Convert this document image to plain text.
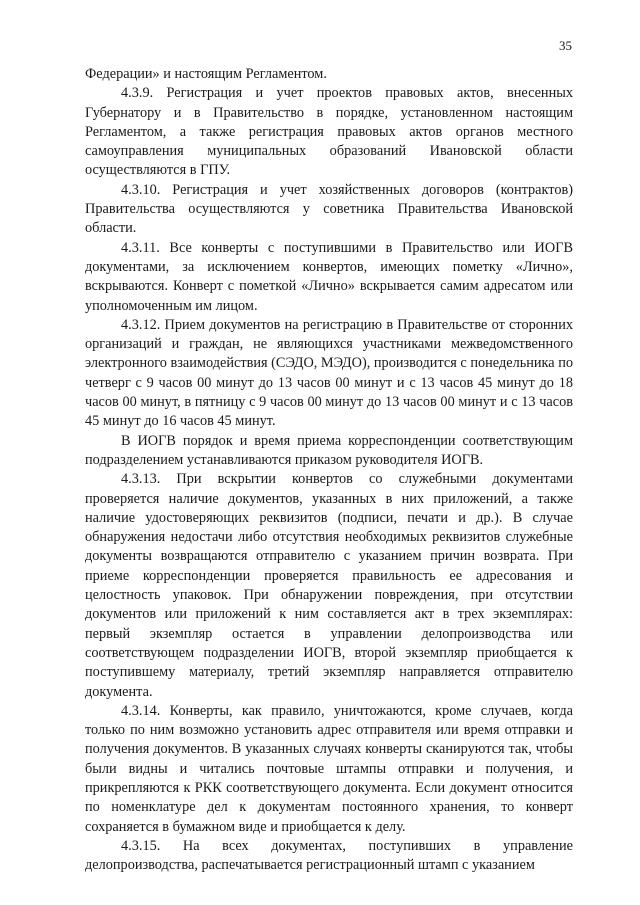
35

Федерации» и настоящим Регламентом.

4.3.9. Регистрация и учет проектов правовых актов, внесенных Губернатору и в Правительство в порядке, установленном настоящим Регламентом, а также регистрация правовых актов органов местного самоуправления муниципальных образований Ивановской области осуществляются в ГПУ.

4.3.10. Регистрация и учет хозяйственных договоров (контрактов) Правительства осуществляются у советника Правительства Ивановской области.

4.3.11. Все конверты с поступившими в Правительство или ИОГВ документами, за исключением конвертов, имеющих пометку «Лично», вскрываются. Конверт с пометкой «Лично» вскрывается самим адресатом или уполномоченным им лицом.

4.3.12. Прием документов на регистрацию в Правительстве от сторонних организаций и граждан, не являющихся участниками межведомственного электронного взаимодействия (СЭДО, МЭДО), производится с понедельника по четверг с 9 часов 00 минут до 13 часов 00 минут и с 13 часов 45 минут до 18 часов 00 минут, в пятницу с 9 часов 00 минут до 13 часов 00 минут и с 13 часов 45 минут до 16 часов 45 минут.

В ИОГВ порядок и время приема корреспонденции соответствующим подразделением устанавливаются приказом руководителя ИОГВ.

4.3.13. При вскрытии конвертов со служебными документами проверяется наличие документов, указанных в них приложений, а также наличие удостоверяющих реквизитов (подписи, печати и др.). В случае обнаружения недостачи либо отсутствия необходимых реквизитов служебные документы возвращаются отправителю с указанием причин возврата. При приеме корреспонденции проверяется правильность ее адресования и целостность упаковок. При обнаружении повреждения, при отсутствии документов или приложений к ним составляется акт в трех экземплярах: первый экземпляр остается в управлении делопроизводства или соответствующем подразделении ИОГВ, второй экземпляр приобщается к поступившему материалу, третий экземпляр направляется отправителю документа.

4.3.14. Конверты, как правило, уничтожаются, кроме случаев, когда только по ним возможно установить адрес отправителя или время отправки и получения документов. В указанных случаях конверты сканируются так, чтобы были видны и читались почтовые штампы отправки и получения, и прикрепляются к РКК соответствующего документа. Если документ относится по номенклатуре дел к документам постоянного хранения, то конверт сохраняется в бумажном виде и приобщается к делу.

4.3.15. На всех документах, поступивших в управление делопроизводства, распечатывается регистрационный штамп с указанием
